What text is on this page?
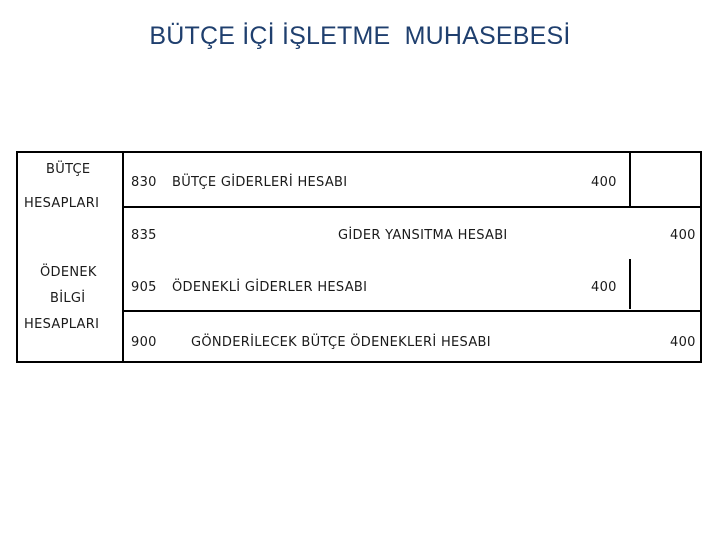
BÜTÇE İÇİ İŞLETME  MUHASEBESİ
BÜTÇE
HESAPLARI
ÖDENEK
BİLGİ
HESAPLARI
830 BÜTÇE GİDERLERİ HESABI	400
835	GİDER YANSITMA HESABI	400
905 ÖDENEKLİ GİDERLER HESABI	400
900	GÖNDERİLECEK BÜTÇE ÖDENEKLERİ HESABI	400
